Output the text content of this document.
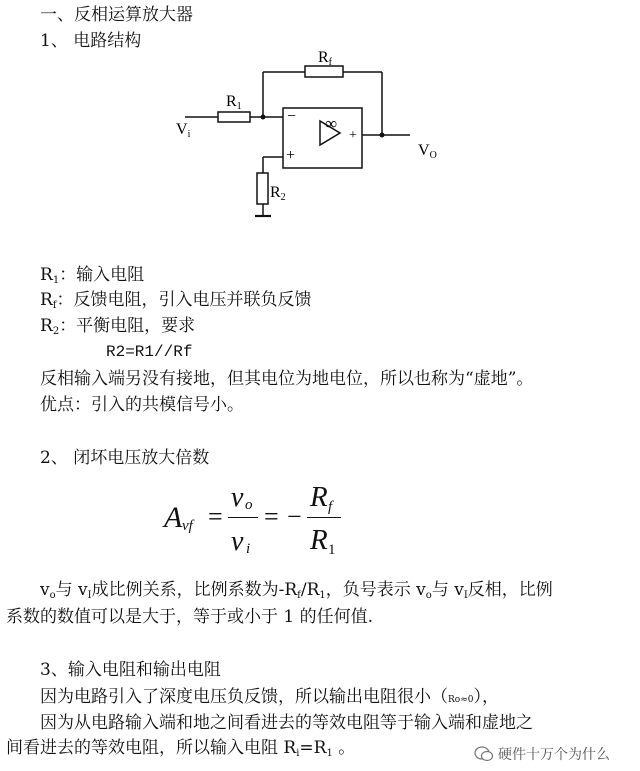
一、反相运算放大器
1、 电路结构
Rf
R1
R2
Vi
VO
−
+
∞
+
$R_1$：输入电阻
$R_f$：反馈电阻，引入电压并联负反馈
$R_2$：平衡电阻，要求
R2=R1//Rf
反相输入端另没有接地，但其电位为地电位，所以也称为“虚地”。
优点：引入的共模信号小。
2、 闭坏电压放大倍数
A vf =
v o
v i
= −
R f
R 1
$v_o$与 $v_I$成比例关系，比例系数为$-R_f/R_1$，负号表示 $v_o$与 $v_I$反相，比例
系数的数值可以是大于，等于或小于 1 的任何值.
3、输入电阻和输出电阻
因为电路引入了深度电压负反馈，所以输出电阻很小（Ro≈0），
因为从电路输入端和地之间看进去的等效电阻等于输入端和虚地之
间看进去的等效电阻，所以输入电阻 $R_i=R_1$ 。	硬件十万个为什么
